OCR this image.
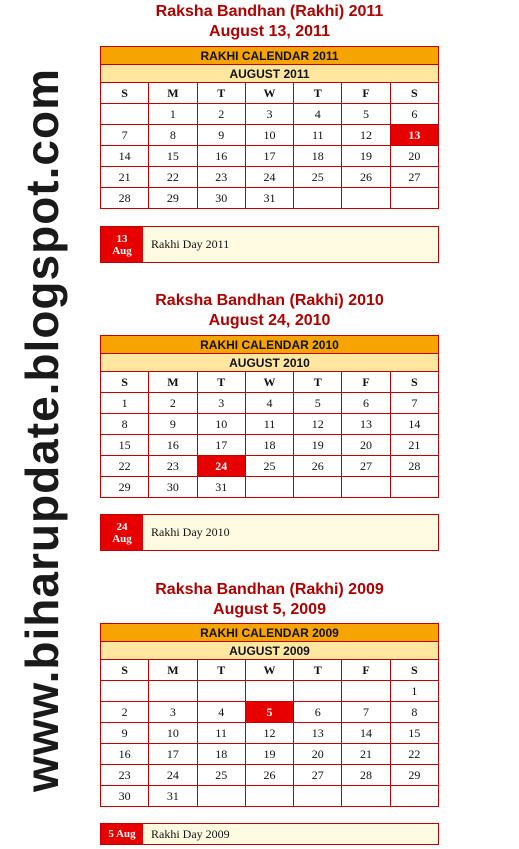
www.biharupdate.blogspot.com
Raksha Bandhan (Rakhi) 2011
August 13, 2011
RAKHI CALENDAR 2011						
AUGUST 2011						
S	M	T	W	T	F	S
	1	2	3	4	5	6
7	8	9	10	11	12	13
14	15	16	17	18	19	20
21	22	23	24	25	26	27
28	29	30	31			
13
Aug	Rakhi Day 2011
Raksha Bandhan (Rakhi) 2010
August 24, 2010
RAKHI CALENDAR 2010						
AUGUST 2010						
S	M	T	W	T	F	S
1	2	3	4	5	6	7
8	9	10	11	12	13	14
15	16	17	18	19	20	21
22	23	24	25	26	27	28
29	30	31				
24
Aug	Rakhi Day 2010
Raksha Bandhan (Rakhi) 2009
August 5, 2009
RAKHI CALENDAR 2009						
AUGUST 2009						
S	M	T	W	T	F	S
						1
2	3	4	5	6	7	8
9	10	11	12	13	14	15
16	17	18	19	20	21	22
23	24	25	26	27	28	29
30	31					
5 Aug	Rakhi Day 2009
